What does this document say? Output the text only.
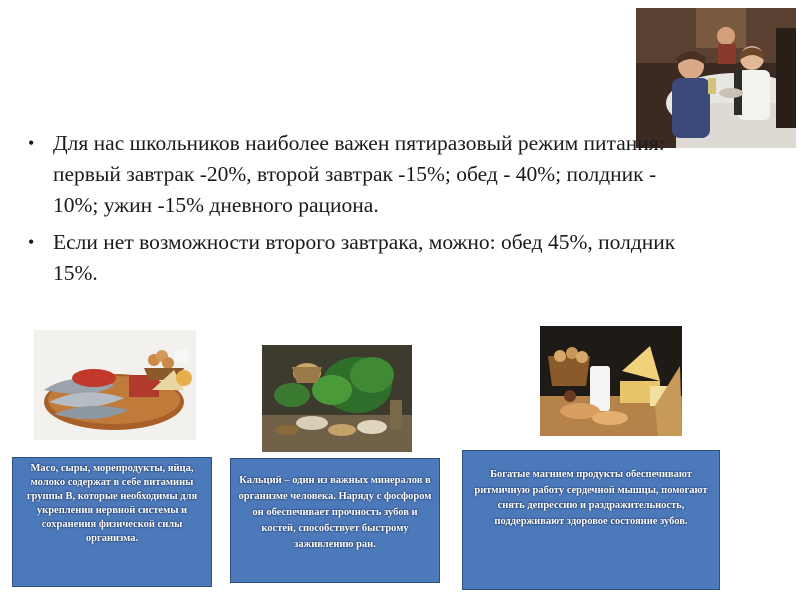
• Для нас школьников наиболее важен пятиразовый режим питания: первый завтрак -20%, второй завтрак -15%; обед - 40%; полдник - 10%; ужин -15% дневного рациона.
• Если нет возможности второго завтрака, можно: обед 45%, полдник 15%.
Масо, сыры, морепродукты, яйца, молоко содержат в себе витамины группы В, которые необходимы для укрепления нервной системы и сохранения физической силы организма.
Кальций – один из важных минералов в организме человека. Наряду с фосфором он обеспечивает прочность зубов и костей, способствует быстрому заживлению ран.
Богатые магнием продукты обеспечивают ритмичную работу сердечной мышцы, помогают снять депрессию и раздражительность, поддерживают здоровое состояние зубов.
